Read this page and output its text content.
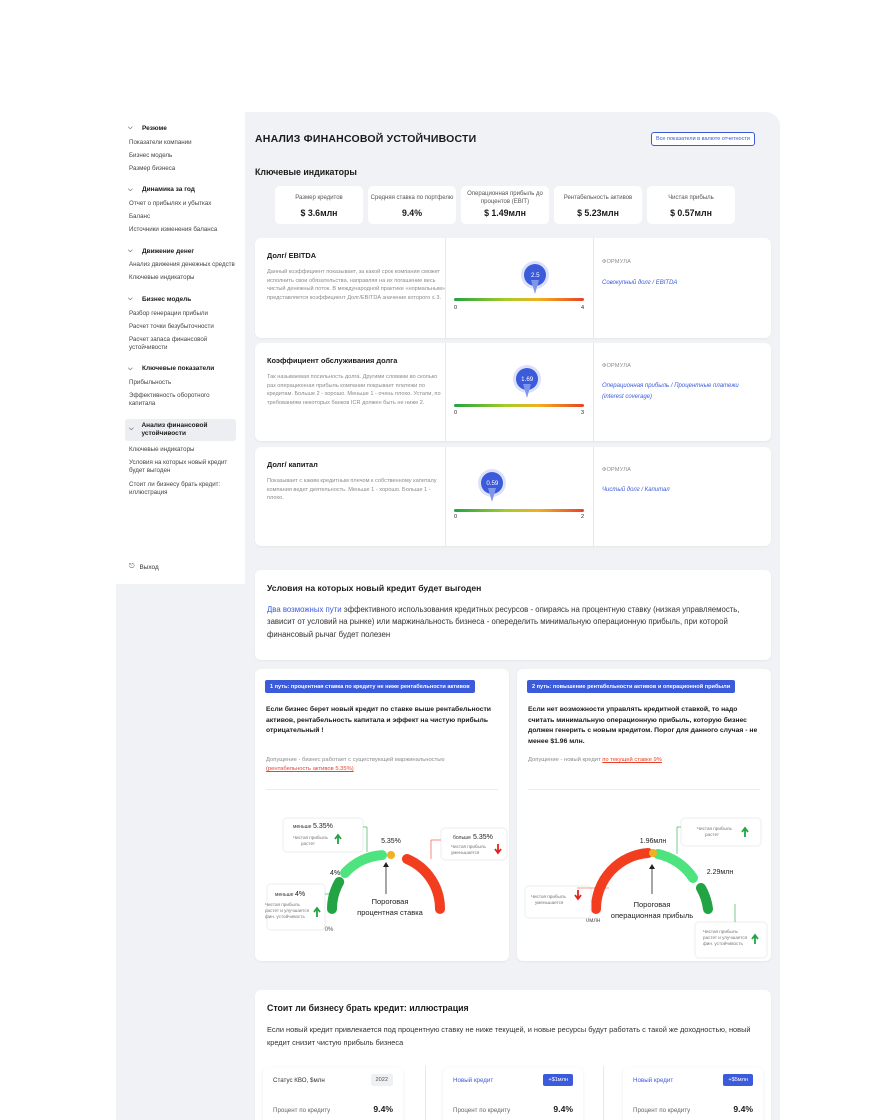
⌵	Резюме
Показатели компании
Бизнес модель
Размер бизнеса
⌵	Динамика за год
Отчет о прибылях и убытках
Баланс
Источники изменения баланса
⌵	Движение денег
Анализ движения денежных средств
Ключевые индикаторы
⌵	Бизнес модель
Разбор генерации прибыли
Расчет точки безубыточности
Расчет запаса финансовой устойчивости
⌵	Ключевые показатели
Прибыльность
Эффективность оборотного капитала
⌵
Анализ финансовой устойчивости
Ключевые индикаторы
Условия на которых новый кредит будет выгоден
Стоит ли бизнесу брать кредит: иллюстрация
⎋ Выход
АНАЛИЗ ФИНАНСОВОЙ УСТОЙЧИВОСТИ	Все показатели в валюте отчетности
Ключевые индикаторы
Размер кредитов
$ 3.6млн
Средняя ставка по портфелю
9.4%
Операционная прибыль до процентов (EBIT)
$ 1.49млн
Рентабельность активов
$ 5.23млн
Чистая прибыль
$ 0.57млн
Долг/ EBITDA
Данный коэффициент показывает, за какой срок компания сможет исполнить свои обязательства, направляя на их погашение весь чистый денежный поток. В международной практике «нормальным» представляется коэффициент Долг/EBITDA значение которого ≤ 3.
2.5
0	4
ФОРМУЛА
Совокупный долг / EBITDA
Коэффициент обслуживания долга
Так называемая посильность долга. Другими словами во сколько раз операционная прибыль компании покрывает платежи по кредитам. Больше 2 - хорошо. Меньше 1 - очень плохо. Устали, по требованиям некоторых банков ICR должен быть не ниже 2.
1.69
0	3
ФОРМУЛА
Операционная прибыль / Процентные платежи (interest coverage)
Долг/ капитал
Показывает с каким кредитным плечом к собственному капиталу компания ведет деятельность. Меньше 1 - хорошо. Больше 1 - плохо.
0.59
0	2
ФОРМУЛА
Чистый долг / Капитал
Условия на которых новый кредит будет выгоден
Два возможных пути эффективного использования кредитных ресурсов - опираясь на процентную ставку (низкая управляемость, зависит от условий на рынке) или маржинальность бизнеса - опеределить минимальную операционную прибыль, при которой финансовый рычаг будет полезен
1 путь: процентная ставка по кредиту не ниже рентабельности активов
Если бизнес берет новый кредит по ставке выше рентабельности активов, рентабельность капитала и эффект на чистую прибыль отрицательный !
Допущение - бизнес работает с существующей маржинальностью
(рентабельность активов 5.35%)
5.35%
Пороговая
процентная ставка
4%
0%
меньше 5.35%
Чистая прибыль
растет
больше 5.35%
Чистая прибыль
уменьшается
меньше 4%
Чистая прибыль
растет и улучшается
фин. устойчивость
2 путь: повышение рентабельности активов и операционной прибыли
Если нет возможности управлять кредитной ставкой, то надо считать минимальную операционную прибыль, которую бизнес должен генерить с новым кредитом. Порог для данного случая - не менее $1.96 млн.
Допущение - новый кредит по текущей ставке 9%
1.96млн
Пороговая
операционная прибыль
2.29млн
0млн
Чистая прибыль
уменьшается
Чистая прибыль
растет
Чистая прибыль
растет и улучшается
фин. устойчивость
Стоит ли бизнесу брать кредит: иллюстрация
Если новый кредит привлекается под процентную ставку не ниже текущей, и новые ресурсы будут работать с такой же доходностью, новый кредит снизит чистую прибыль бизнеса
Статус КВО, $млн	2022
Процент по кредиту	9.4%
Новый кредит	+$1млн
Процент по кредиту	9.4%
Новый кредит	+$5млн
Процент по кредиту	9.4%
